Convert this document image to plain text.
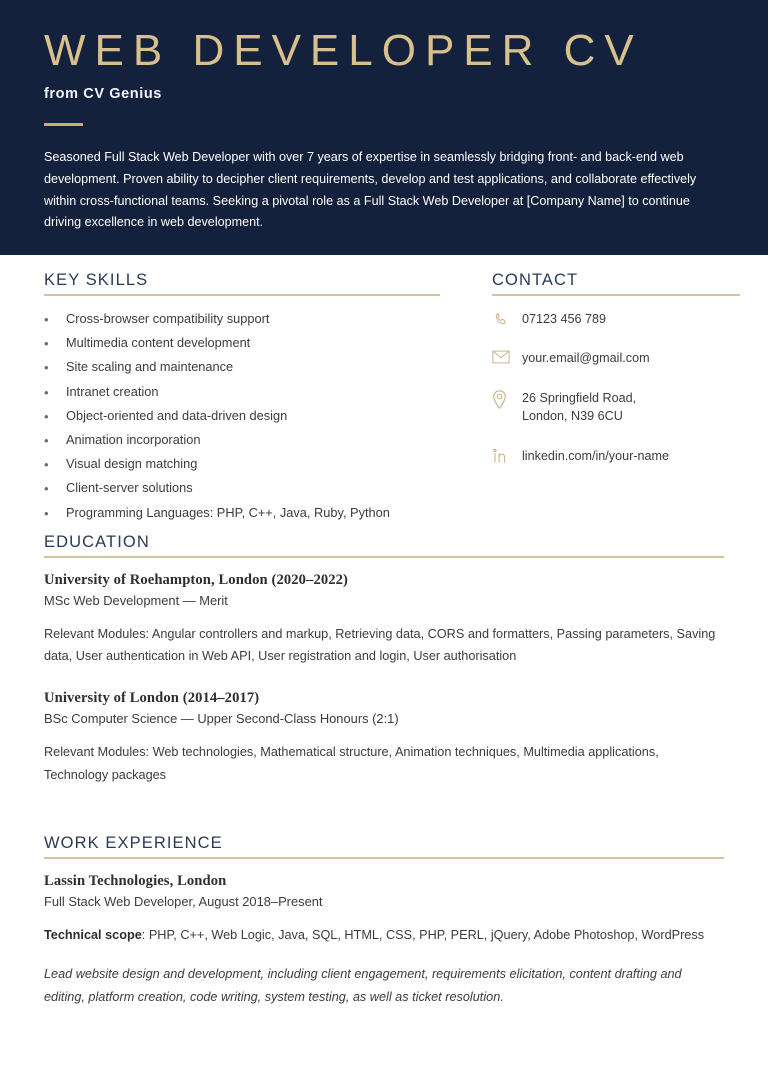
WEB DEVELOPER CV
from CV Genius
Seasoned Full Stack Web Developer with over 7 years of expertise in seamlessly bridging front- and back-end web development. Proven ability to decipher client requirements, develop and test applications, and collaborate effectively within cross-functional teams. Seeking a pivotal role as a Full Stack Web Developer at [Company Name] to continue driving excellence in web development.
KEY SKILLS
•	Cross-browser compatibility support
•	Multimedia content development
•	Site scaling and maintenance
•	Intranet creation
•	Object-oriented and data-driven design
•	Animation incorporation
•	Visual design matching
•	Client-server solutions
•	Programming Languages: PHP, C++, Java, Ruby, Python
CONTACT
07123 456 789
your.email@gmail.com
26 Springfield Road,
London, N39 6CU
linkedin.com/in/your-name
EDUCATION
University of Roehampton, London (2020–2022)
MSc Web Development — Merit
Relevant Modules: Angular controllers and markup, Retrieving data, CORS and formatters, Passing parameters, Saving data, User authentication in Web API, User registration and login, User authorisation
University of London (2014–2017)
BSc Computer Science — Upper Second-Class Honours (2:1)
Relevant Modules: Web technologies, Mathematical structure, Animation techniques, Multimedia applications, Technology packages
WORK EXPERIENCE
Lassin Technologies, London
Full Stack Web Developer, August 2018–Present
Technical scope: PHP, C++, Web Logic, Java, SQL, HTML, CSS, PHP, PERL, jQuery, Adobe Photoshop, WordPress
Lead website design and development, including client engagement, requirements elicitation, content drafting and editing, platform creation, code writing, system testing, as well as ticket resolution.
